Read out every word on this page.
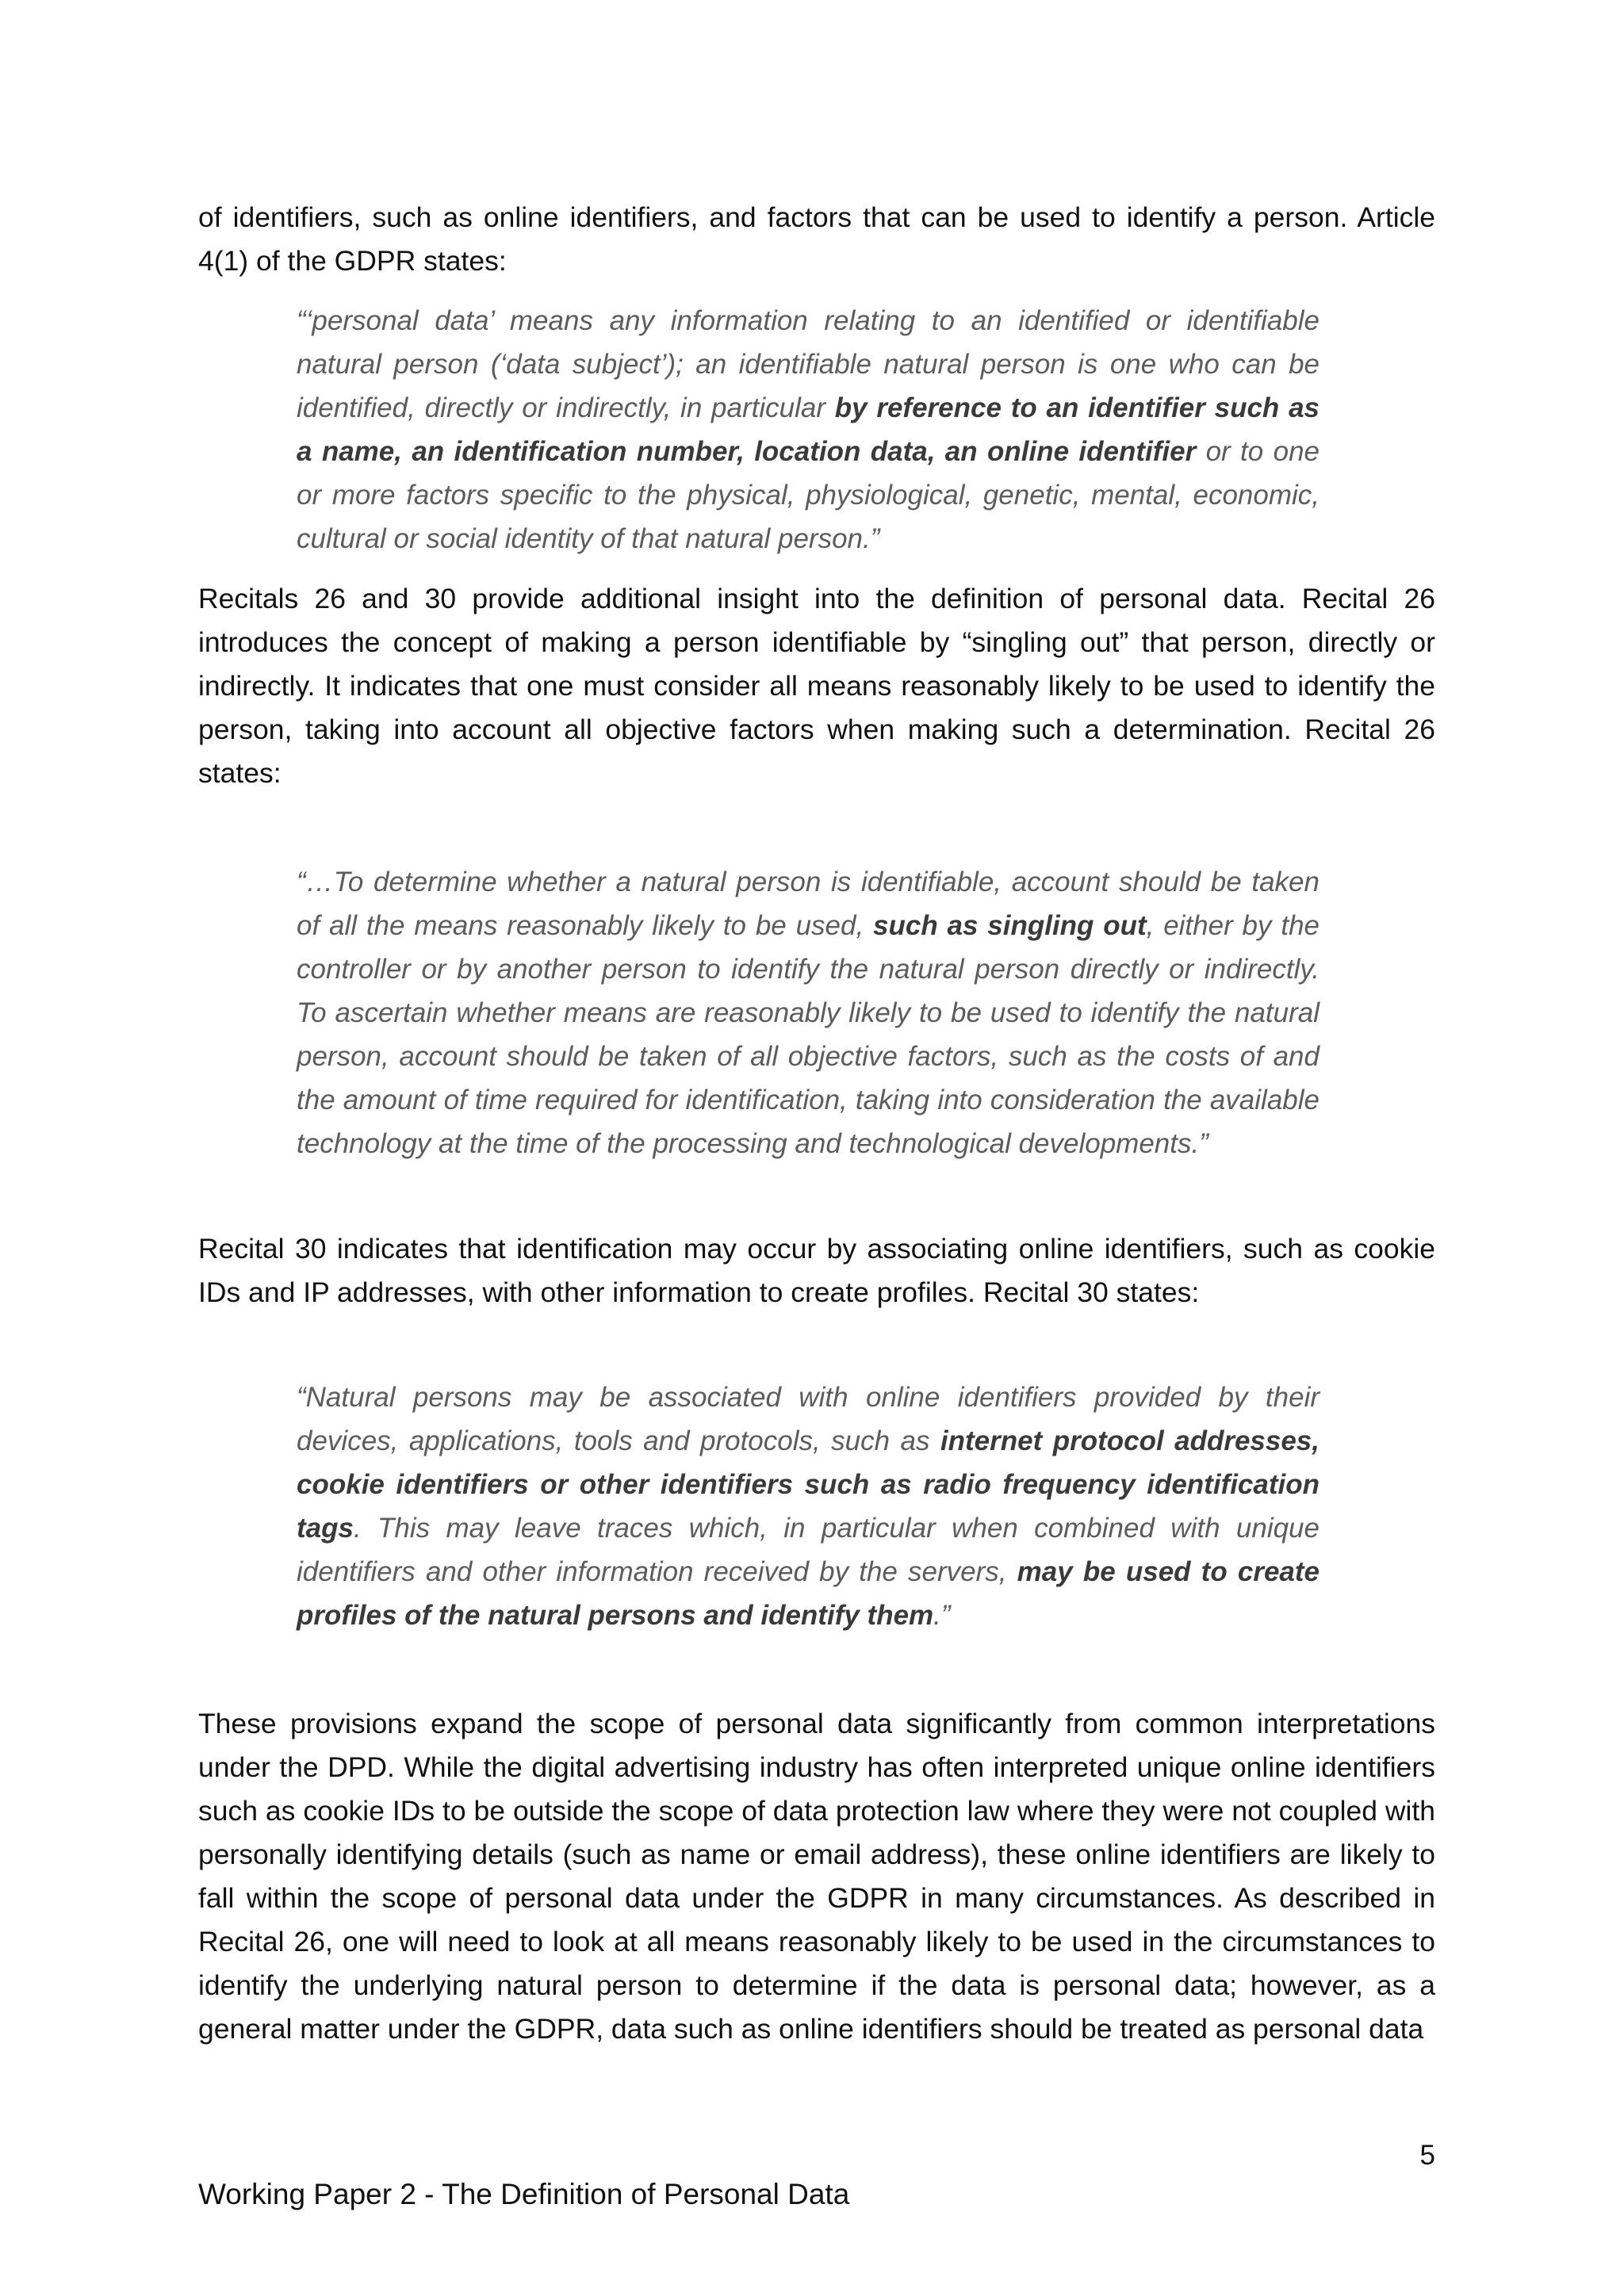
of identifiers, such as online identifiers, and factors that can be used to identify a person. Article 4(1) of the GDPR states:

“‘personal data’ means any information relating to an identified or identifiable natural person (‘data subject’); an identifiable natural person is one who can be identified, directly or indirectly, in particular by reference to an identifier such as a name, an identification number, location data, an online identifier or to one or more factors specific to the physical, physiological, genetic, mental, economic, cultural or social identity of that natural person.”

Recitals 26 and 30 provide additional insight into the definition of personal data. Recital 26 introduces the concept of making a person identifiable by “singling out” that person, directly or indirectly. It indicates that one must consider all means reasonably likely to be used to identify the person, taking into account all objective factors when making such a determination. Recital 26 states:

“…To determine whether a natural person is identifiable, account should be taken of all the means reasonably likely to be used, such as singling out, either by the controller or by another person to identify the natural person directly or indirectly. To ascertain whether means are reasonably likely to be used to identify the natural person, account should be taken of all objective factors, such as the costs of and the amount of time required for identification, taking into consideration the available technology at the time of the processing and technological developments.”

Recital 30 indicates that identification may occur by associating online identifiers, such as cookie IDs and IP addresses, with other information to create profiles. Recital 30 states:

“Natural persons may be associated with online identifiers provided by their devices, applications, tools and protocols, such as internet protocol addresses, cookie identifiers or other identifiers such as radio frequency identification tags. This may leave traces which, in particular when combined with unique identifiers and other information received by the servers, may be used to create profiles of the natural persons and identify them.”

These provisions expand the scope of personal data significantly from common interpretations under the DPD. While the digital advertising industry has often interpreted unique online identifiers such as cookie IDs to be outside the scope of data protection law where they were not coupled with personally identifying details (such as name or email address), these online identifiers are likely to fall within the scope of personal data under the GDPR in many circumstances. As described in Recital 26, one will need to look at all means reasonably likely to be used in the circumstances to identify the underlying natural person to determine if the data is personal data; however, as a general matter under the GDPR, data such as online identifiers should be treated as personal data

5

Working Paper 2 - The Definition of Personal Data
